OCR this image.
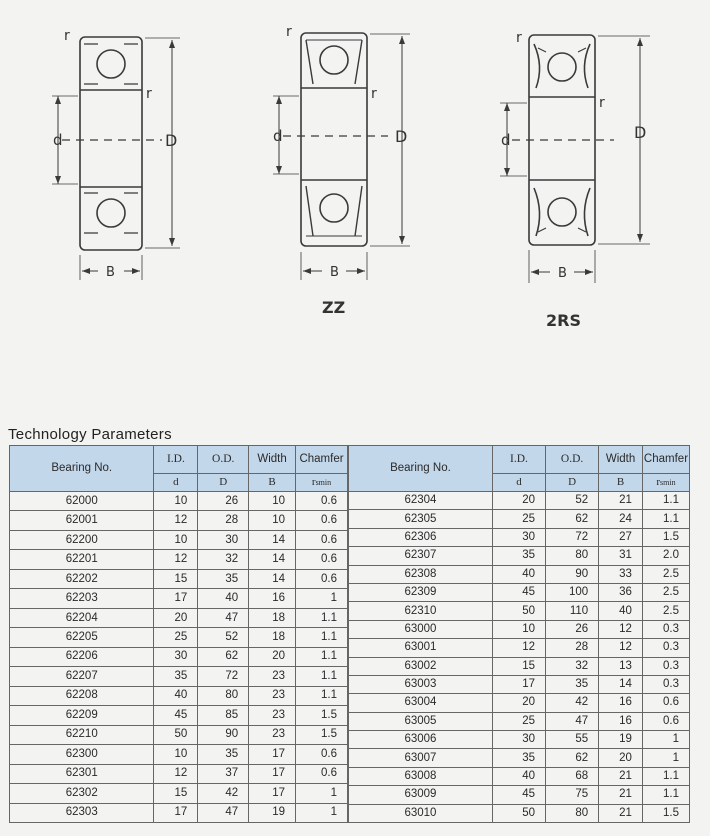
r
r
d	D
B
r
r
d	D
B
r
r
d	D
B
ZZ
2RS
Technology Parameters
Bearing No.	I.D.	O.D.	Width	Chamfer
	d	D	B	rsmin
62000	10	26	10	0.6
62001	12	28	10	0.6
62200	10	30	14	0.6
62201	12	32	14	0.6
62202	15	35	14	0.6
62203	17	40	16	1
62204	20	47	18	1.1
62205	25	52	18	1.1
62206	30	62	20	1.1
62207	35	72	23	1.1
62208	40	80	23	1.1
62209	45	85	23	1.5
62210	50	90	23	1.5
62300	10	35	17	0.6
62301	12	37	17	0.6
62302	15	42	17	1
62303	17	47	19	1
Bearing No.	I.D.	O.D.	Width	Chamfer
	d	D	B	rsmin
62304	20	52	21	1.1
62305	25	62	24	1.1
62306	30	72	27	1.5
62307	35	80	31	2.0
62308	40	90	33	2.5
62309	45	100	36	2.5
62310	50	110	40	2.5
63000	10	26	12	0.3
63001	12	28	12	0.3
63002	15	32	13	0.3
63003	17	35	14	0.3
63004	20	42	16	0.6
63005	25	47	16	0.6
63006	30	55	19	1
63007	35	62	20	1
63008	40	68	21	1.1
63009	45	75	21	1.1
63010	50	80	21	1.5
